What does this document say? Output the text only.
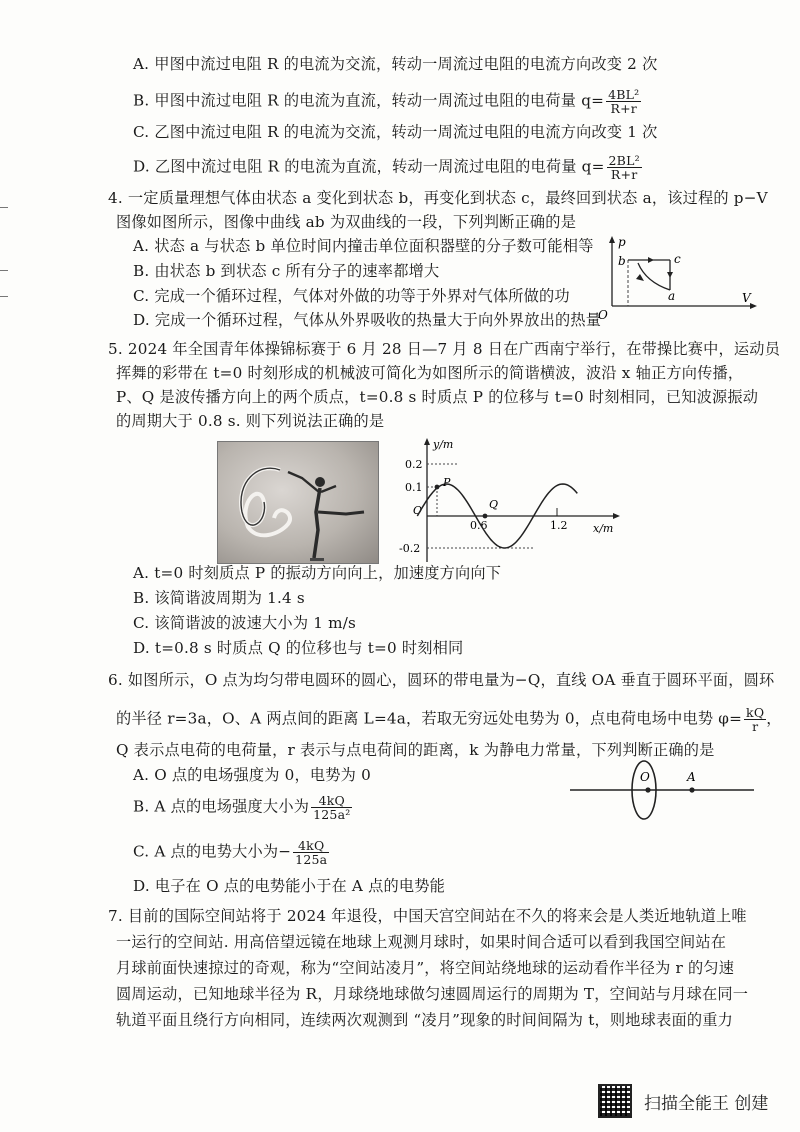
A. 甲图中流过电阻 R 的电流为交流，转动一周流过电阻的电流方向改变 2 次
B. 甲图中流过电阻 R 的电流为直流，转动一周流过电阻的电荷量 $q= \frac{\text{4BL²}}{R+r}$
C. 乙图中流过电阻 R 的电流为交流，转动一周流过电阻的电流方向改变 1 次
D. 乙图中流过电阻 R 的电流为直流，转动一周流过电阻的电荷量 $q= \frac{\text{2BL²}}{R+r}$
4. 一定质量理想气体由状态 a 变化到状态 b，再变化到状态 c，最终回到状态 a，该过程的 p−V
图像如图所示，图像中曲线 ab 为双曲线的一段，下列判断正确的是
A. 状态 a 与状态 b 单位时间内撞击单位面积器壁的分子数可能相等
B. 由状态 b 到状态 c 所有分子的速率都增大
C. 完成一个循环过程，气体对外做的功等于外界对气体所做的功
D. 完成一个循环过程，气体从外界吸收的热量大于向外界放出的热量
p
V
O
b	c
a
5. 2024 年全国青年体操锦标赛于 6 月 28 日—7 月 8 日在广西南宁举行，在带操比赛中，运动员
挥舞的彩带在 t=0 时刻形成的机械波可简化为如图所示的简谐横波，波沿 x 轴正方向传播，
P、Q 是波传播方向上的两个质点，t=0.8 s 时质点 P 的位移与 t=0 时刻相同，已知波源振动
的周期大于 0.8 s. 则下列说法正确的是
y/m
x/m
0.2
0.1
-0.2
O
0.6	1.2
P
Q
A. t=0 时刻质点 P 的振动方向向上，加速度方向向下
B. 该简谐波周期为 1.4 s
C. 该简谐波的波速大小为 1 m/s
D. t=0.8 s 时质点 Q 的位移也与 t=0 时刻相同
6. 如图所示，O 点为均匀带电圆环的圆心，圆环的带电量为−Q，直线 OA 垂直于圆环平面，圆环
的半径 r=3a，O、A 两点间的距离 L=4a，若取无穷远处电势为 0，点电荷电场中电势 $\varphi= \frac{kQ}{r}$ ，
Q 表示点电荷的电荷量，r 表示与点电荷间的距离，k 为静电力常量，下列判断正确的是
A. O 点的电场强度为 0，电势为 0
B. A 点的电场强度大小为 $\frac{4kQ}{\text{125a²}}$
C. A 点的电势大小为− $\frac{4kQ}{125a}$
D. 电子在 O 点的电势能小于在 A 点的电势能
O	A
7. 目前的国际空间站将于 2024 年退役，中国天宫空间站在不久的将来会是人类近地轨道上唯
一运行的空间站. 用高倍望远镜在地球上观测月球时，如果时间合适可以看到我国空间站在
月球前面快速掠过的奇观，称为“空间站凌月”，将空间站绕地球的运动看作半径为 r 的匀速
圆周运动，已知地球半径为 R，月球绕地球做匀速圆周运行的周期为 T，空间站与月球在同一
轨道平面且绕行方向相同，连续两次观测到 “凌月”现象的时间间隔为 t，则地球表面的重力
扫描全能王 创建
